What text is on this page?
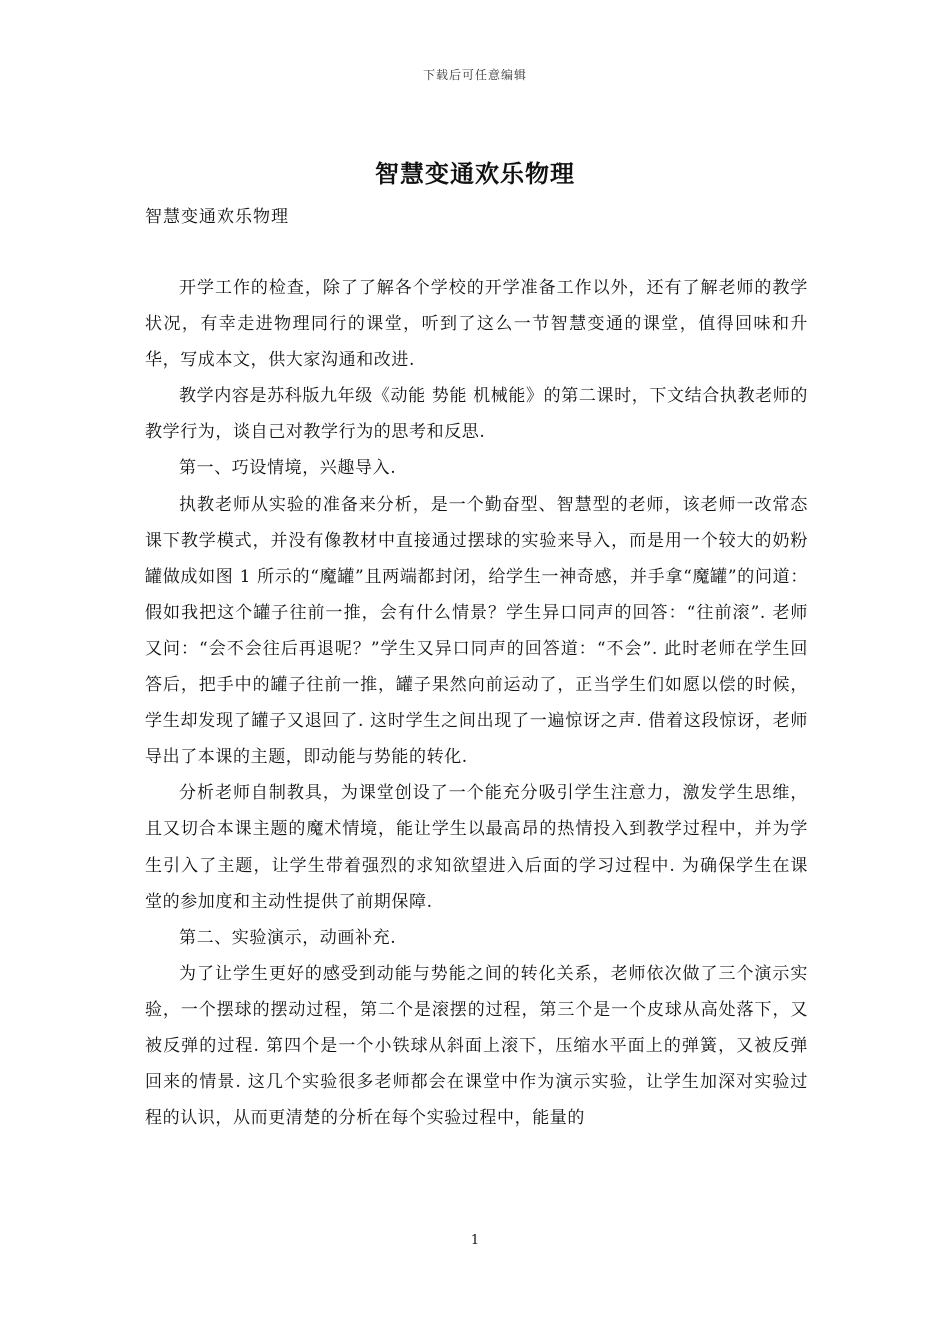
下载后可任意编辑
智慧变通欢乐物理
智慧变通欢乐物理

开学工作的检查，除了了解各个学校的开学准备工作以外，还有了解老师的教学状况，有幸走进物理同行的课堂，听到了这么一节智慧变通的课堂，值得回味和升华，写成本文，供大家沟通和改进.

教学内容是苏科版九年级《动能 势能 机械能》的第二课时，下文结合执教老师的教学行为，谈自己对教学行为的思考和反思.

第一、巧设情境，兴趣导入.

执教老师从实验的准备来分析，是一个勤奋型、智慧型的老师，该老师一改常态课下教学模式，并没有像教材中直接通过摆球的实验来导入，而是用一个较大的奶粉罐做成如图 1 所示的“魔罐”且两端都封闭，给学生一神奇感，并手拿“魔罐”的问道：假如我把这个罐子往前一推，会有什么情景？学生异口同声的回答：“往前滚”. 老师又问：“会不会往后再退呢？”学生又异口同声的回答道：“不会”. 此时老师在学生回答后，把手中的罐子往前一推，罐子果然向前运动了，正当学生们如愿以偿的时候，学生却发现了罐子又退回了. 这时学生之间出现了一遍惊讶之声. 借着这段惊讶，老师导出了本课的主题，即动能与势能的转化.

分析老师自制教具，为课堂创设了一个能充分吸引学生注意力，激发学生思维，且又切合本课主题的魔术情境，能让学生以最高昂的热情投入到教学过程中，并为学生引入了主题，让学生带着强烈的求知欲望进入后面的学习过程中. 为确保学生在课堂的参加度和主动性提供了前期保障.

第二、实验演示，动画补充.

为了让学生更好的感受到动能与势能之间的转化关系，老师依次做了三个演示实验，一个摆球的摆动过程，第二个是滚摆的过程，第三个是一个皮球从高处落下，又被反弹的过程. 第四个是一个小铁球从斜面上滚下，压缩水平面上的弹簧，又被反弹回来的情景. 这几个实验很多老师都会在课堂中作为演示实验，让学生加深对实验过程的认识，从而更清楚的分析在每个实验过程中，能量的

1
